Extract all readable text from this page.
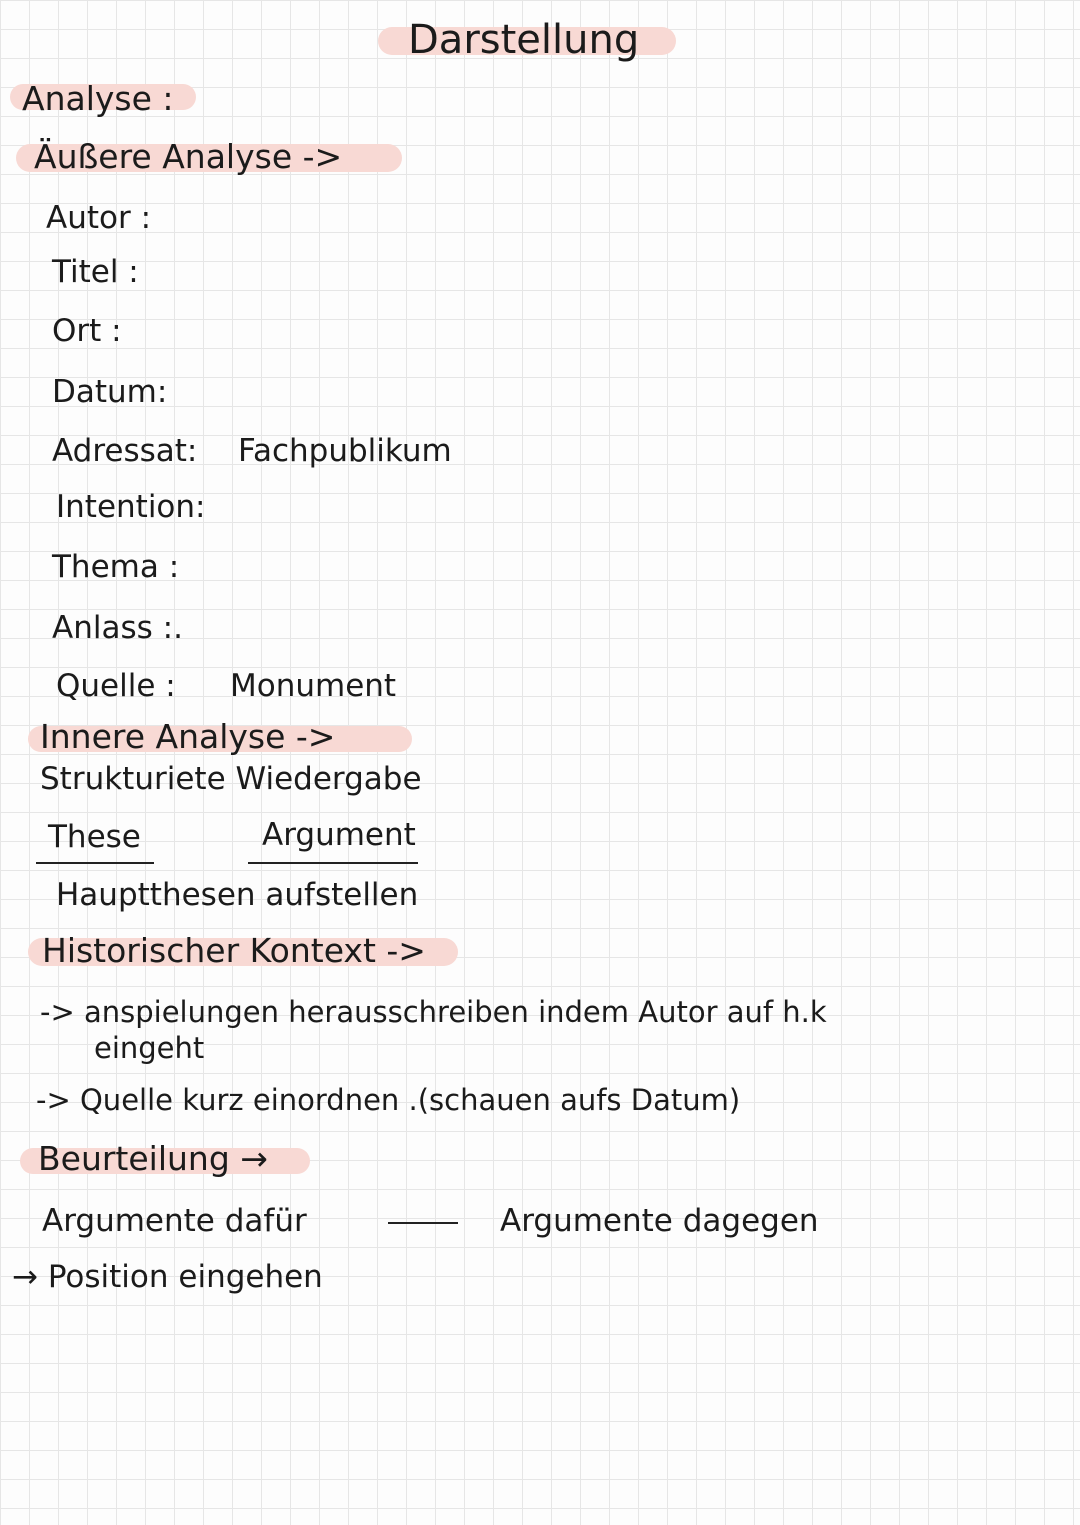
Darstellung
Analyse :
Äußere Analyse ->
Autor :
Titel :
Ort :
Datum:
Adressat: Fachpublikum
Intention:
Thema :
Anlass :.
Quelle : Monument
Innere Analyse ->
Strukturiete Wiedergabe
These	Argument
Hauptthesen aufstellen
Historischer Kontext ->
-> anspielungen herausschreiben indem Autor auf h.k
eingeht
-> Quelle kurz einordnen .(schauen aufs Datum)
Beurteilung →
Argumente dafür	Argumente dagegen
→ Position eingehen
